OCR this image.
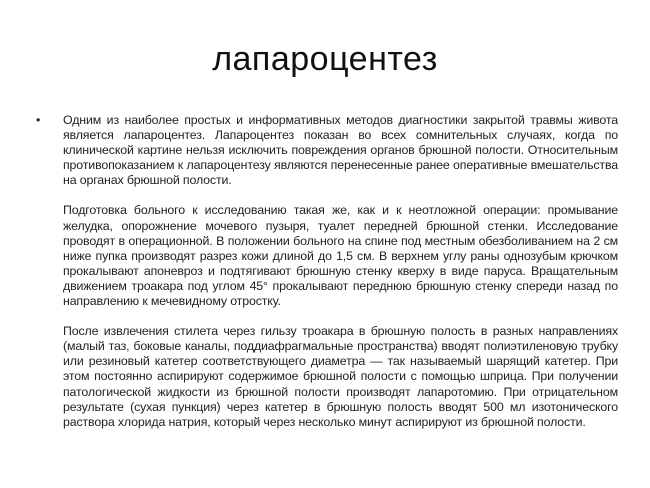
лапароцентез
•	Одним из наиболее простых и информативных методов диагностики закрытой травмы живота является лапароцентез. Лапароцентез показан во всех сомнительных случаях, когда по клинической картине нельзя исключить повреждения органов брюшной полости. Относительным противопоказанием к лапароцентезу являются перенесенные ранее оперативные вмешательства на органах брюшной полости.

Подготовка больного к исследованию такая же, как и к неотложной операции: промывание желудка, опорожнение мочевого пузыря, туалет передней брюшной стенки. Исследование проводят в операционной. В положении больного на спине под местным обезболиванием на 2 см ниже пупка производят разрез кожи длиной до 1,5 см. В верхнем углу раны однозубым крючком прокалывают апоневроз и подтягивают брюшную стенку кверху в виде паруса. Вращательным движением троакара под углом 45° прокалывают переднюю брюшную стенку спереди назад по направлению к мечевидному отростку.

После извлечения стилета через гильзу троакара в брюшную полость в разных направлениях (малый таз, боковые каналы, поддиафрагмальные пространства) вводят полиэтиленовую трубку или резиновый катетер соответствующего диаметра — так называемый шарящий катетер. При этом постоянно аспирируют содержимое брюшной полости с помощью шприца. При получении патологической жидкости из брюшной полости производят лапаротомию. При отрицательном результате (сухая пункция) через катетер в брюшную полость вводят 500 мл изотонического раствора хлорида натрия, который через несколько минут аспирируют из брюшной полости.
